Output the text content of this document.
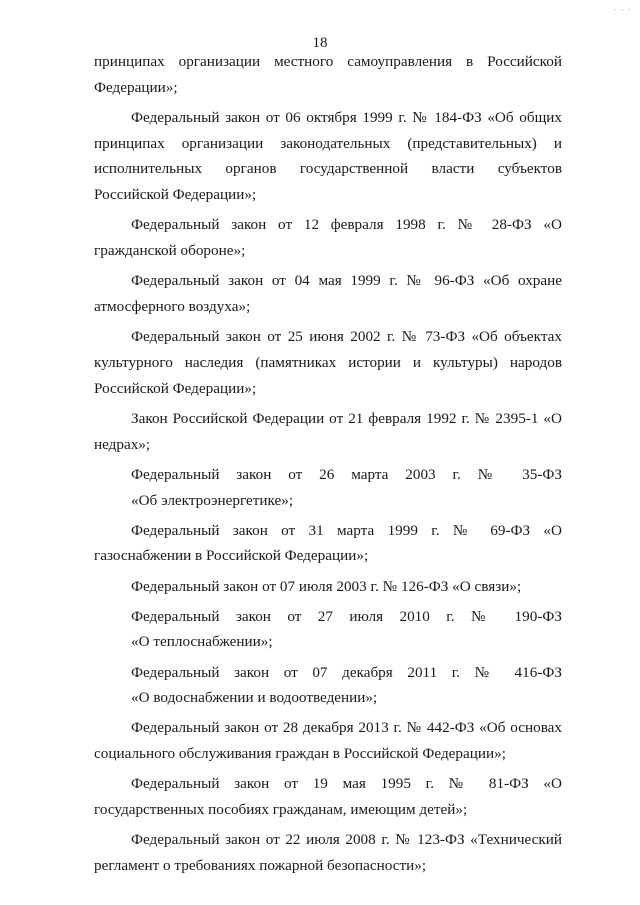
- - -
18

принципах организации местного самоуправления в Российской Федерации»;

Федеральный закон от 06 октября 1999 г. № 184-ФЗ «Об общих принципах организации законодательных (представительных) и исполнительных органов государственной власти субъектов Российской Федерации»;

Федеральный закон от 12 февраля 1998 г. № 28-ФЗ «О гражданской обороне»;

Федеральный закон от 04 мая 1999 г. № 96-ФЗ «Об охране атмосферного воздуха»;

Федеральный закон от 25 июня 2002 г. № 73-ФЗ «Об объектах культурного наследия (памятниках истории и культуры) народов Российской Федерации»;

Закон Российской Федерации от 21 февраля 1992 г. № 2395-1 «О недрах»;

Федеральный закон от 26 марта 2003 г. № 35-ФЗ
«Об электроэнергетике»;

Федеральный закон от 31 марта 1999 г. № 69-ФЗ «О газоснабжении в Российской Федерации»;

Федеральный закон от 07 июля 2003 г. № 126-ФЗ «О связи»;

Федеральный закон от 27 июля 2010 г. № 190-ФЗ
«О теплоснабжении»;

Федеральный закон от 07 декабря 2011 г. № 416-ФЗ
«О водоснабжении и водоотведении»;

Федеральный закон от 28 декабря 2013 г. № 442-ФЗ «Об основах социального обслуживания граждан в Российской Федерации»;

Федеральный закон от 19 мая 1995 г. № 81-ФЗ «О государственных пособиях гражданам, имеющим детей»;

Федеральный закон от 22 июля 2008 г. № 123-ФЗ «Технический регламент о требованиях пожарной безопасности»;
